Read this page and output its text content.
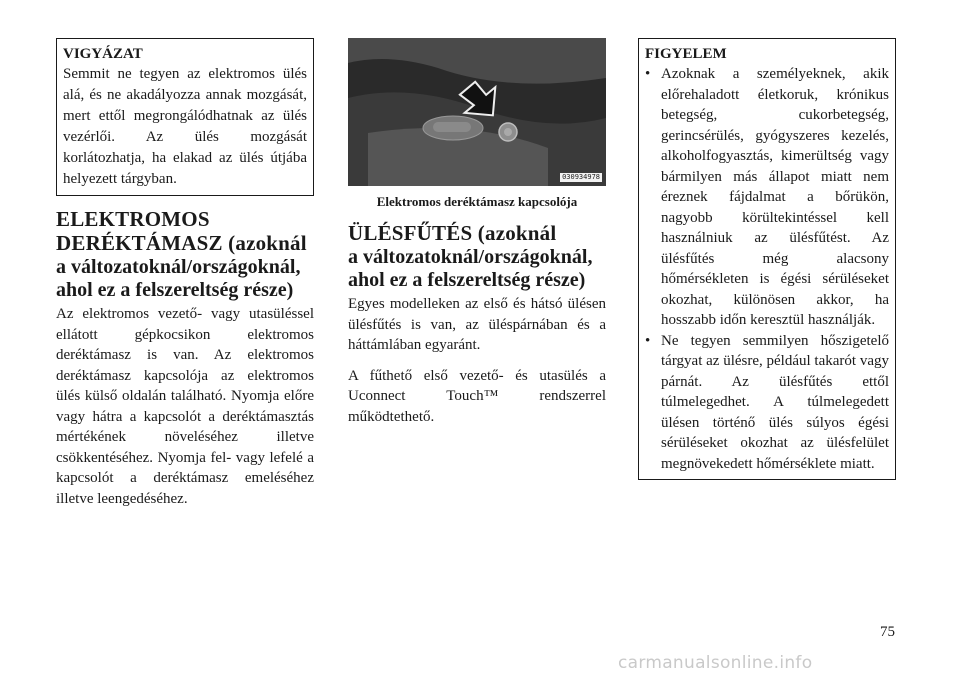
VIGYÁZAT
Semmit ne tegyen az elektromos ülés alá, és ne akadályozza annak mozgását, mert ettől megrongálódhatnak az ülés vezérlői. Az ülés mozgását korlátozhatja, ha elakad az ülés útjába helyezett tárgyban.
ELEKTROMOS
DERÉKTÁMASZ (azoknál
a változatoknál/országoknál,
ahol ez a felszereltség része)

Az elektromos vezető- vagy utasüléssel ellátott gépkocsikon elektromos deréktámasz is van. Az elektromos deréktámasz kapcsolója az elektromos ülés külső oldalán található. Nyomja előre vagy hátra a kapcsolót a deréktámasztás mértékének növeléséhez illetve csökkentéséhez. Nyomja fel- vagy lefelé a kapcsolót a deréktámasz emeléséhez illetve leengedéséhez.

030934978
Elektromos deréktámasz kapcsolója
ÜLÉSFŰTÉS (azoknál
a változatoknál/országoknál,
ahol ez a felszereltség része)

Egyes modelleken az első és hátsó ülésen ülésfűtés is van, az üléspárnában és a háttámlában egyaránt.

A fűthető első vezető- és utasülés a Uconnect Touch™ rendszerrel működtethető.

FIGYELEM
• Azoknak a személyeknek, akik előrehaladott életkoruk, krónikus betegség, cukorbetegség, gerincsérülés, gyógyszeres kezelés, alkoholfogyasztás, kimerültség vagy bármilyen más állapot miatt nem éreznek fájdalmat a bőrükön, nagyobb körültekintéssel kell használniuk az ülésfűtést. Az ülésfűtés még alacsony hőmérsékleten is égési sérüléseket okozhat, különösen akkor, ha hosszabb időn keresztül használják.
• Ne tegyen semmilyen hőszigetelő tárgyat az ülésre, például takarót vagy párnát. Az ülésfűtés ettől túlmelegedhet. A túlmelegedett ülésen történő ülés súlyos égési sérüléseket okozhat az ülésfelület megnövekedett hőmérséklete miatt.
75
carmanualsonline.info
